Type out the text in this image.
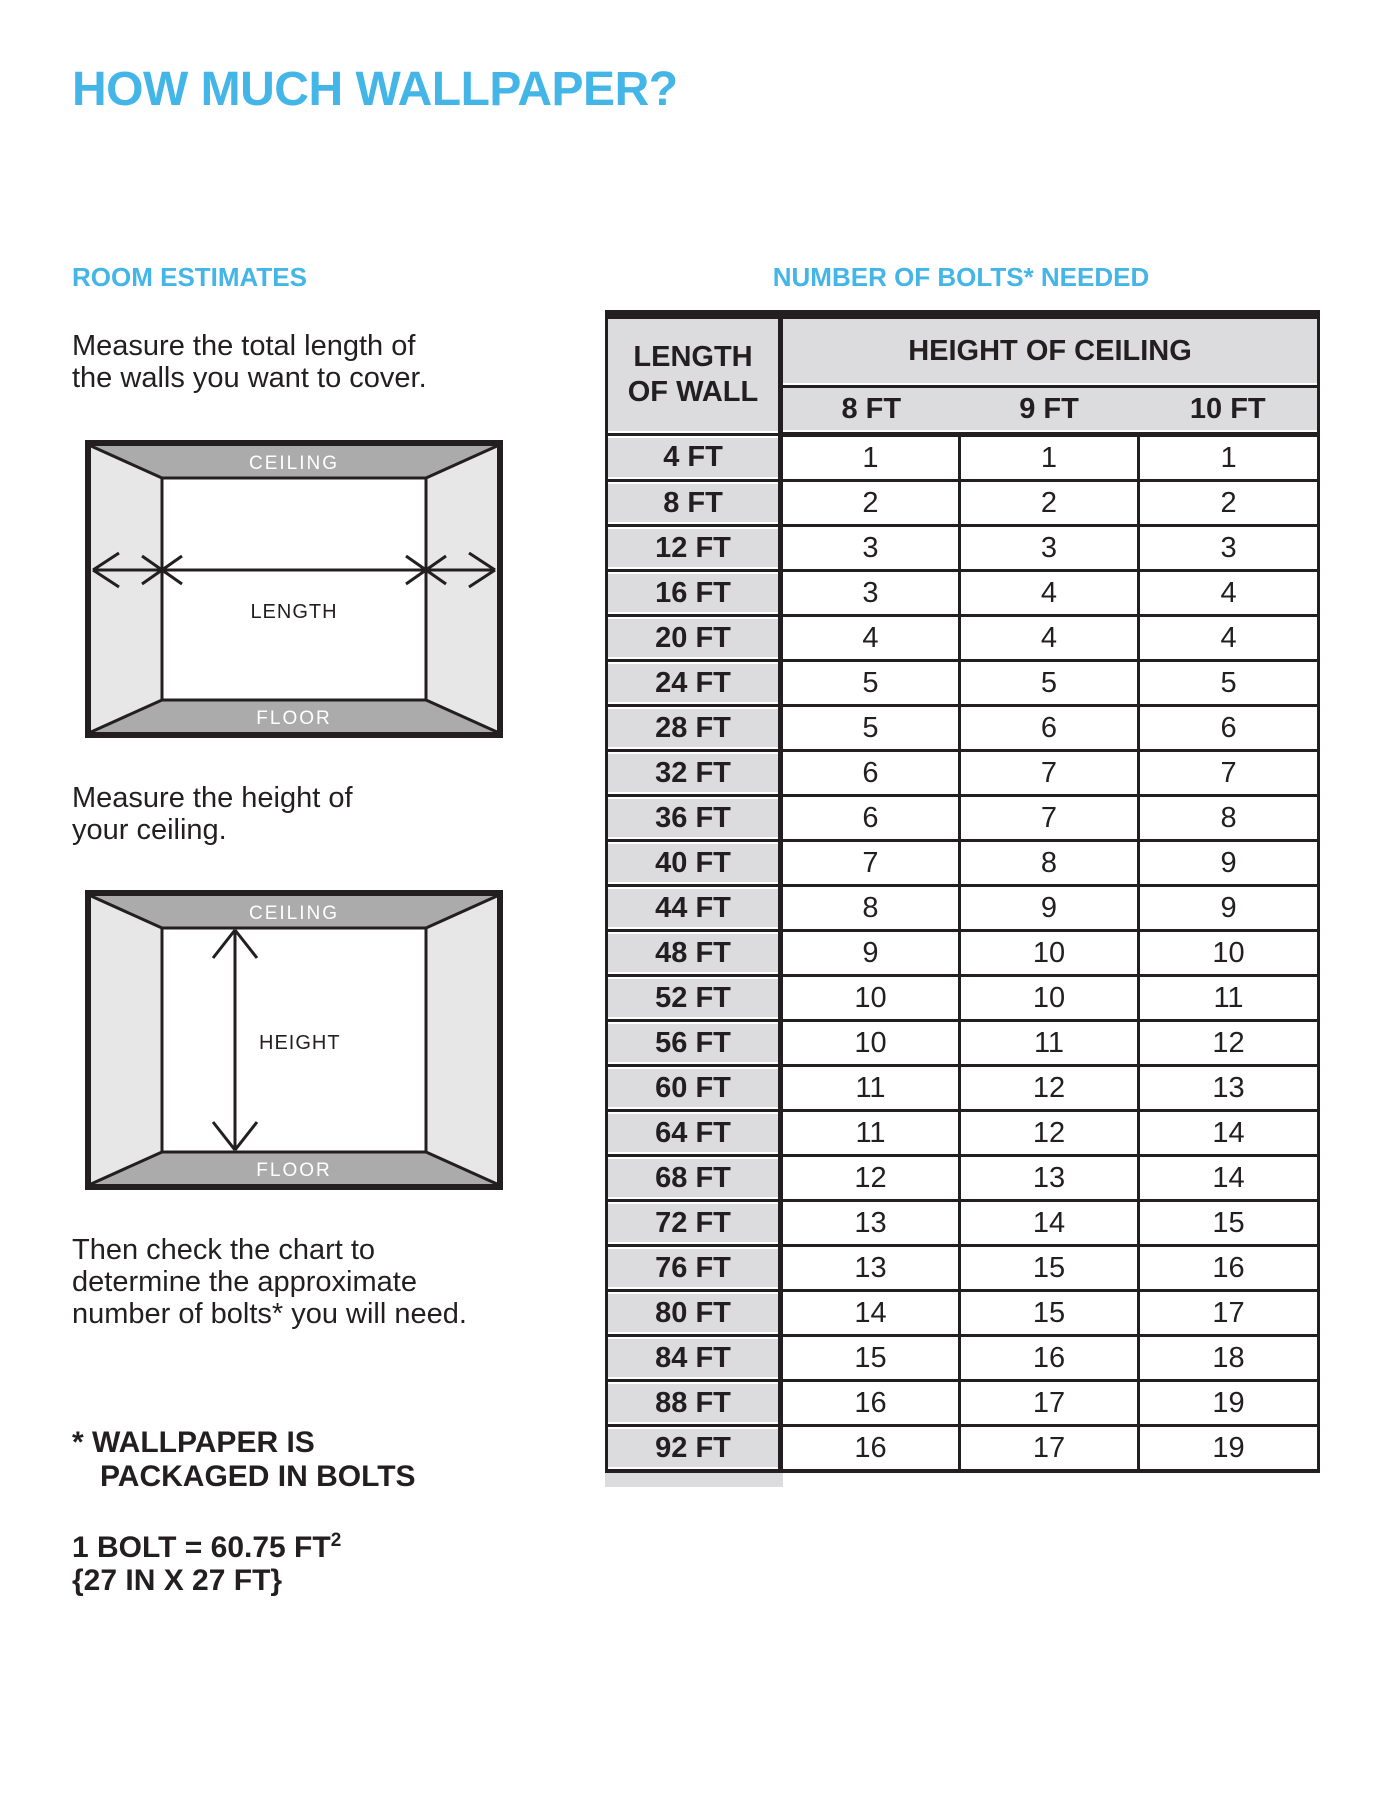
HOW MUCH WALLPAPER?
ROOM ESTIMATES	NUMBER OF BOLTS* NEEDED
Measure the total length of
the walls you want to cover.
CEILING
FLOOR
LENGTH
Measure the height of
your ceiling.
CEILING
FLOOR
HEIGHT
Then check the chart to
determine the approximate
number of bolts* you will need.
* WALLPAPER IS
PACKAGED IN BOLTS
1 BOLT = 60.75 $FT^2$
{27 IN X 27 FT}
LENGTH
OF WALL	HEIGHT OF CEILING		

8 FT	9 FT	10 FT

4 FT	1	1	1

8 FT	2	2	2

12 FT	3	3	3

16 FT	3	4	4

20 FT	4	4	4

24 FT	5	5	5

28 FT	5	6	6

32 FT	6	7	7

36 FT	6	7	8

40 FT	7	8	9

44 FT	8	9	9

48 FT	9	10	10

52 FT	10	10	11

56 FT	10	11	12

60 FT	11	12	13

64 FT	11	12	14

68 FT	12	13	14

72 FT	13	14	15

76 FT	13	15	16

80 FT	14	15	17

84 FT	15	16	18

88 FT	16	17	19

92 FT	16	17	19
